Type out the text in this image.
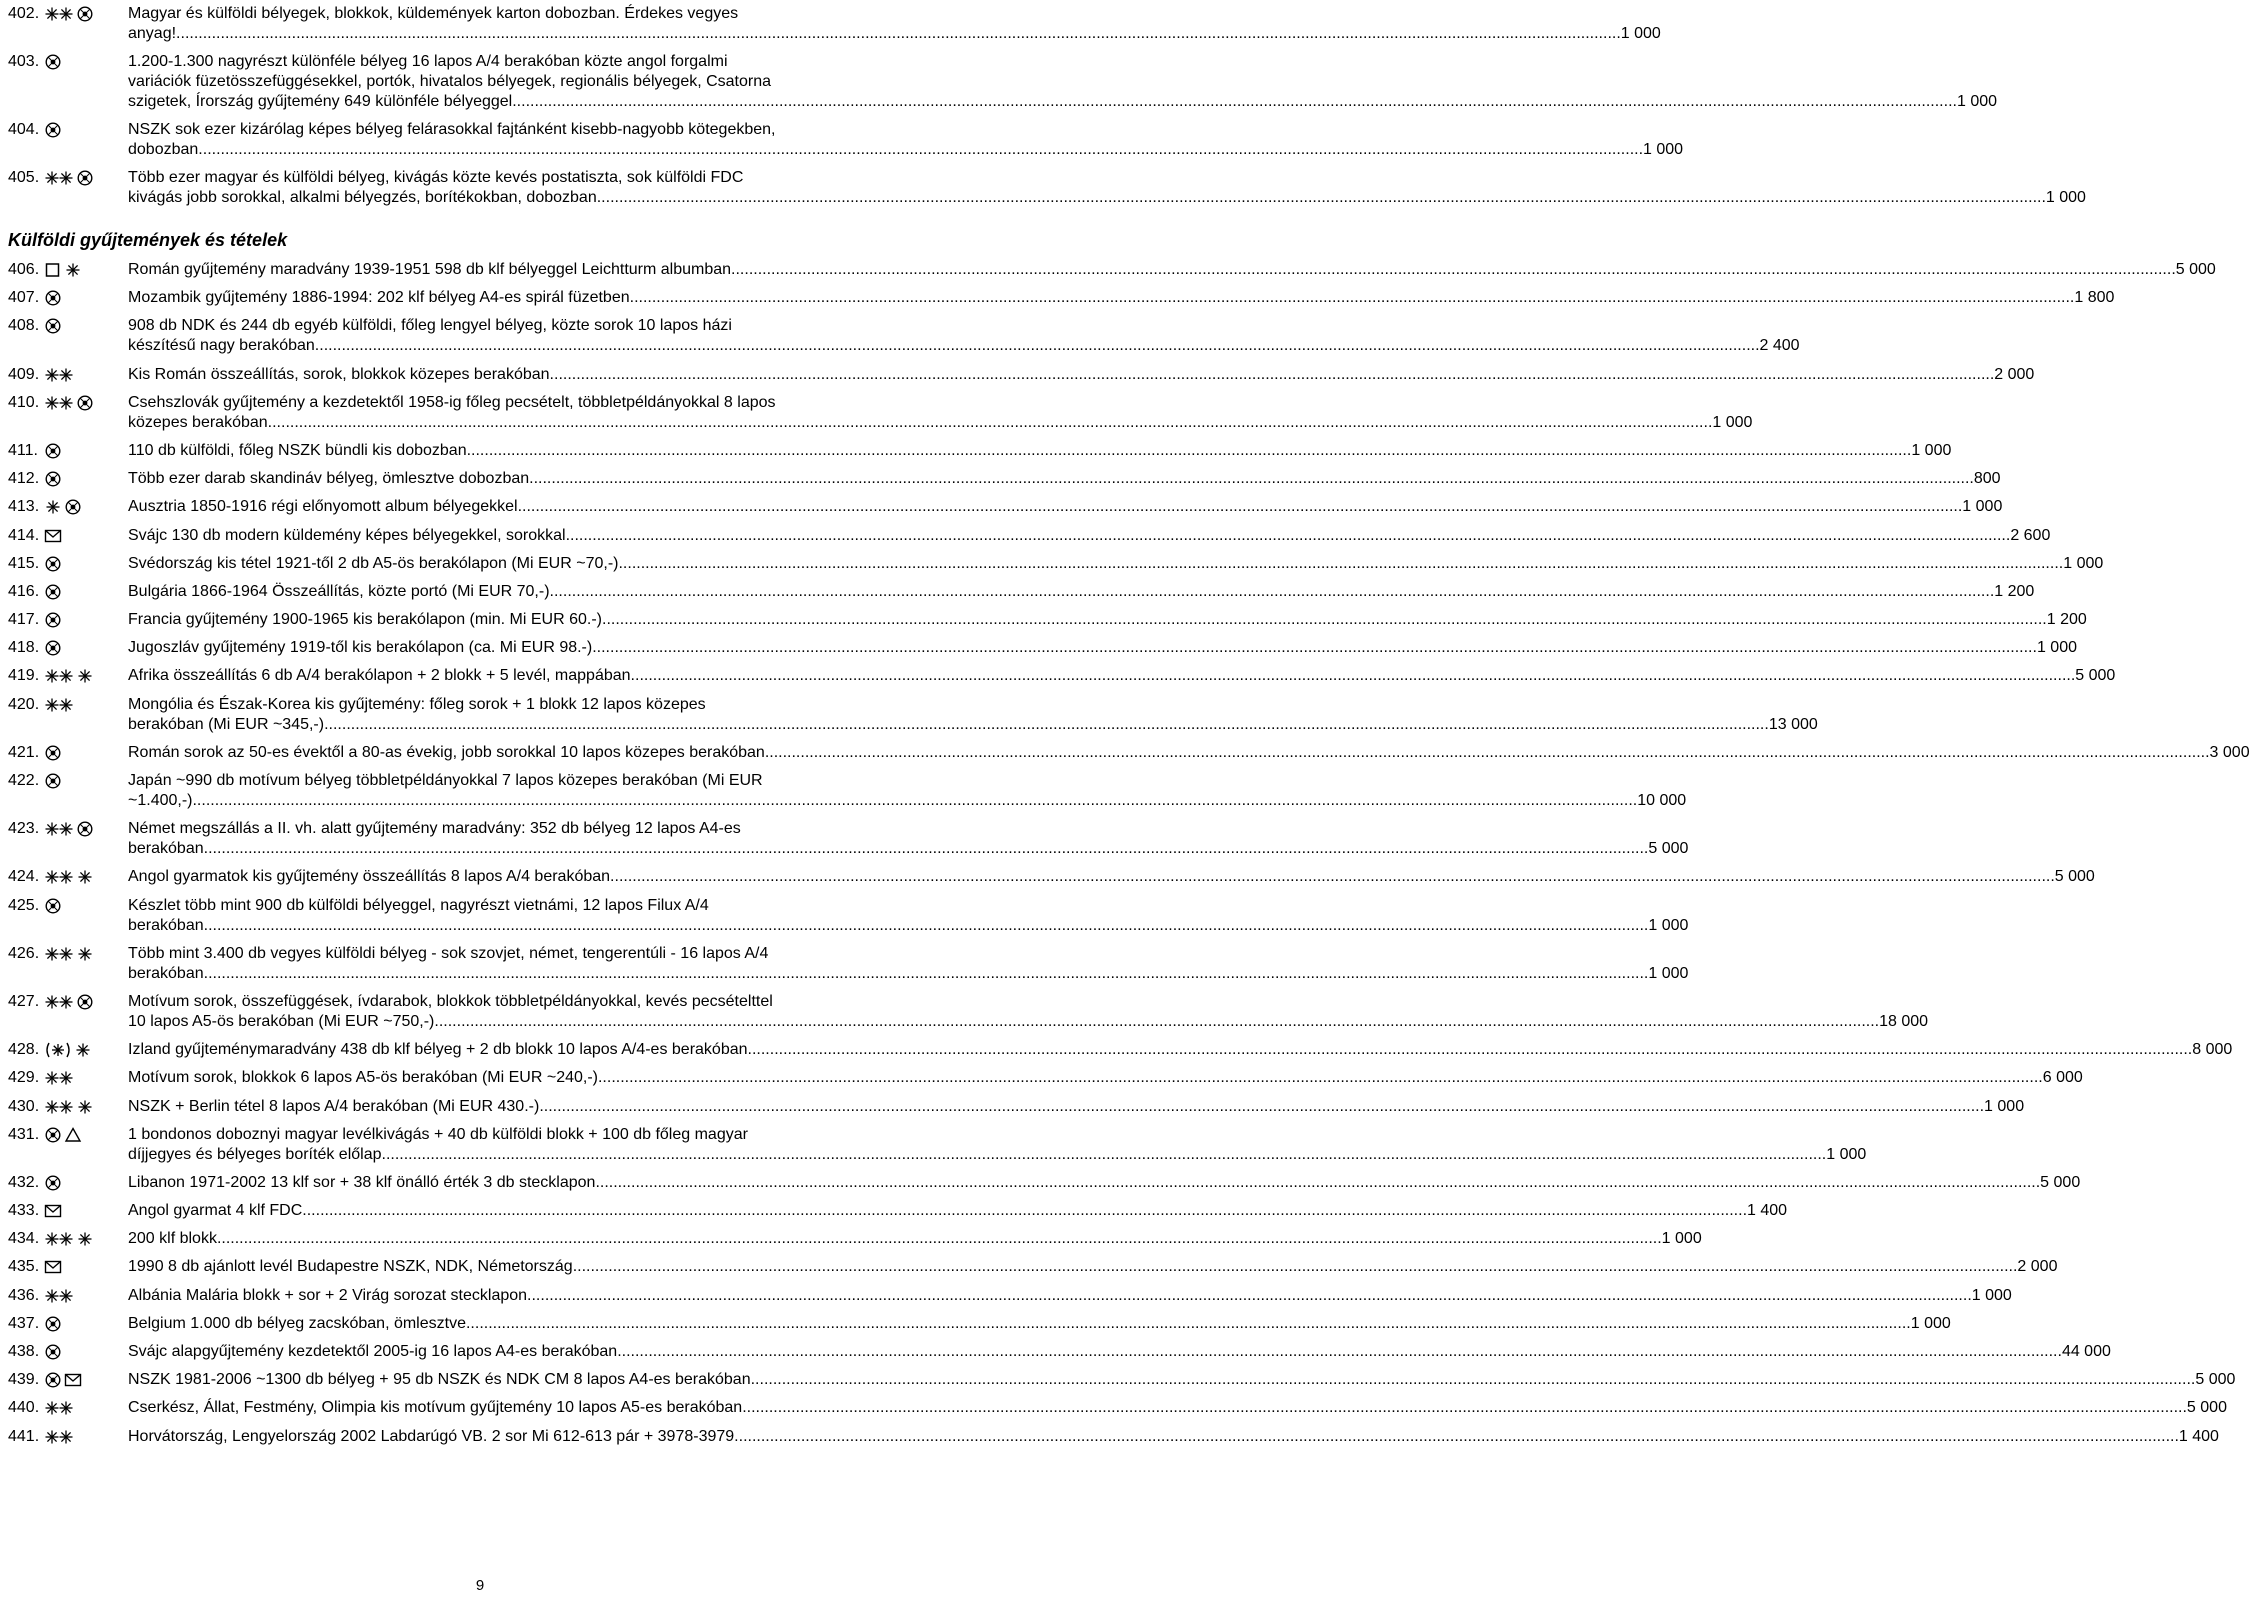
402.	Magyar és külföldi bélyegek, blokkok, küldemények karton dobozban. Érdekes vegyes
anyag! .....	1 000
403.	1.200-1.300 nagyrészt különféle bélyeg 16 lapos A/4 berakóban közte angol forgalmi
variációk füzetösszefüggésekkel, portók, hivatalos bélyegek, regionális bélyegek, Csatorna
szigetek, Írország gyűjtemény 649 különféle bélyeggel .....	1 000
404.	NSZK sok ezer kizárólag képes bélyeg felárasokkal fajtánként kisebb-nagyobb kötegekben,
dobozban .....	1 000
405.	Több ezer magyar és külföldi bélyeg, kivágás közte kevés postatiszta, sok külföldi FDC
kivágás jobb sorokkal, alkalmi bélyegzés, borítékokban, dobozban. .....	1 000
Külföldi gyűjtemények és tételek
406.	Román gyűjtemény maradvány 1939-1951 598 db klf bélyeggel Leichtturm albumban .....	5 000
407.	Mozambik gyűjtemény 1886-1994: 202 klf bélyeg A4-es spirál füzetben .....	1 800
408.	908 db NDK és 244 db egyéb külföldi, főleg lengyel bélyeg, közte sorok 10 lapos házi
készítésű nagy berakóban .....	2 400
409.	Kis Román összeállítás, sorok, blokkok közepes berakóban .....	2 000
410.	Csehszlovák gyűjtemény a kezdetektől 1958-ig főleg pecsételt, többletpéldányokkal 8 lapos
közepes berakóban .....	1 000
411.	110 db külföldi, főleg NSZK bündli kis dobozban .....	1 000
412.	Több ezer darab skandináv bélyeg, ömlesztve dobozban .....	800
413.	Ausztria 1850-1916 régi előnyomott album bélyegekkel .....	1 000
414.	Svájc 130 db modern küldemény képes bélyegekkel, sorokkal .....	2 600
415.	Svédország kis tétel 1921-től 2 db A5-ös berakólapon (Mi EUR ~70,-) .....	1 000
416.	Bulgária 1866-1964 Összeállítás, közte portó (Mi EUR 70,-) .....	1 200
417.	Francia gyűjtemény 1900-1965 kis berakólapon (min. Mi EUR 60.-) .....	1 200
418.	Jugoszláv gyűjtemény 1919-től kis berakólapon (ca. Mi EUR 98.-) .....	1 000
419.	Afrika összeállítás 6 db A/4 berakólapon + 2 blokk + 5 levél, mappában .....	5 000
420.	Mongólia és Észak-Korea kis gyűjtemény: főleg sorok + 1 blokk 12 lapos közepes
berakóban (Mi EUR ~345,-) .....	13 000
421.	Román sorok az 50-es évektől a 80-as évekig, jobb sorokkal 10 lapos közepes berakóban .....	3 000
422.	Japán ~990 db motívum bélyeg többletpéldányokkal 7 lapos közepes berakóban (Mi EUR
~1.400,-) .....	10 000
423.	Német megszállás a II. vh. alatt gyűjtemény maradvány: 352 db bélyeg 12 lapos A4-es
berakóban .....	5 000
424.	Angol gyarmatok kis gyűjtemény összeállítás 8 lapos A/4 berakóban .....	5 000
425.	Készlet több mint 900 db külföldi bélyeggel, nagyrészt vietnámi, 12 lapos Filux A/4
berakóban .....	1 000
426.	Több mint 3.400 db vegyes külföldi bélyeg - sok szovjet, német, tengerentúli - 16 lapos A/4
berakóban .....	1 000
427.	Motívum sorok, összefüggések, ívdarabok, blokkok többletpéldányokkal, kevés pecsételttel
10 lapos A5-ös berakóban (Mi EUR ~750,-) .....	18 000
428.	Izland gyűjteménymaradvány 438 db klf bélyeg + 2 db blokk 10 lapos A/4-es berakóban .....	8 000
429.	Motívum sorok, blokkok 6 lapos A5-ös berakóban (Mi EUR ~240,-) .....	6 000
430.	NSZK + Berlin tétel 8 lapos A/4 berakóban (Mi EUR 430.-) .....	1 000
431.	1 bondonos doboznyi magyar levélkivágás + 40 db külföldi blokk + 100 db főleg magyar
díjjegyes és bélyeges boríték előlap .....	1 000
432.	Libanon 1971-2002 13 klf sor + 38 klf önálló érték 3 db stecklapon .....	5 000
433.	Angol gyarmat 4 klf FDC .....	1 400
434.	200 klf blokk .....	1 000
435.	1990 8 db ajánlott levél Budapestre NSZK, NDK, Németország .....	2 000
436.	Albánia Malária blokk + sor + 2 Virág sorozat stecklapon .....	1 000
437.	Belgium 1.000 db bélyeg zacskóban, ömlesztve .....	1 000
438.	Svájc alapgyűjtemény kezdetektől 2005-ig 16 lapos A4-es berakóban .....	44 000
439.	NSZK 1981-2006 ~1300 db bélyeg + 95 db NSZK és NDK CM 8 lapos A4-es berakóban .....	5 000
440.	Cserkész, Állat, Festmény, Olimpia kis motívum gyűjtemény 10 lapos A5-es berakóban .....	5 000
441.	Horvátország, Lengyelország 2002 Labdarúgó VB. 2 sor Mi 612-613 pár + 3978-3979 .....	1 400
9
